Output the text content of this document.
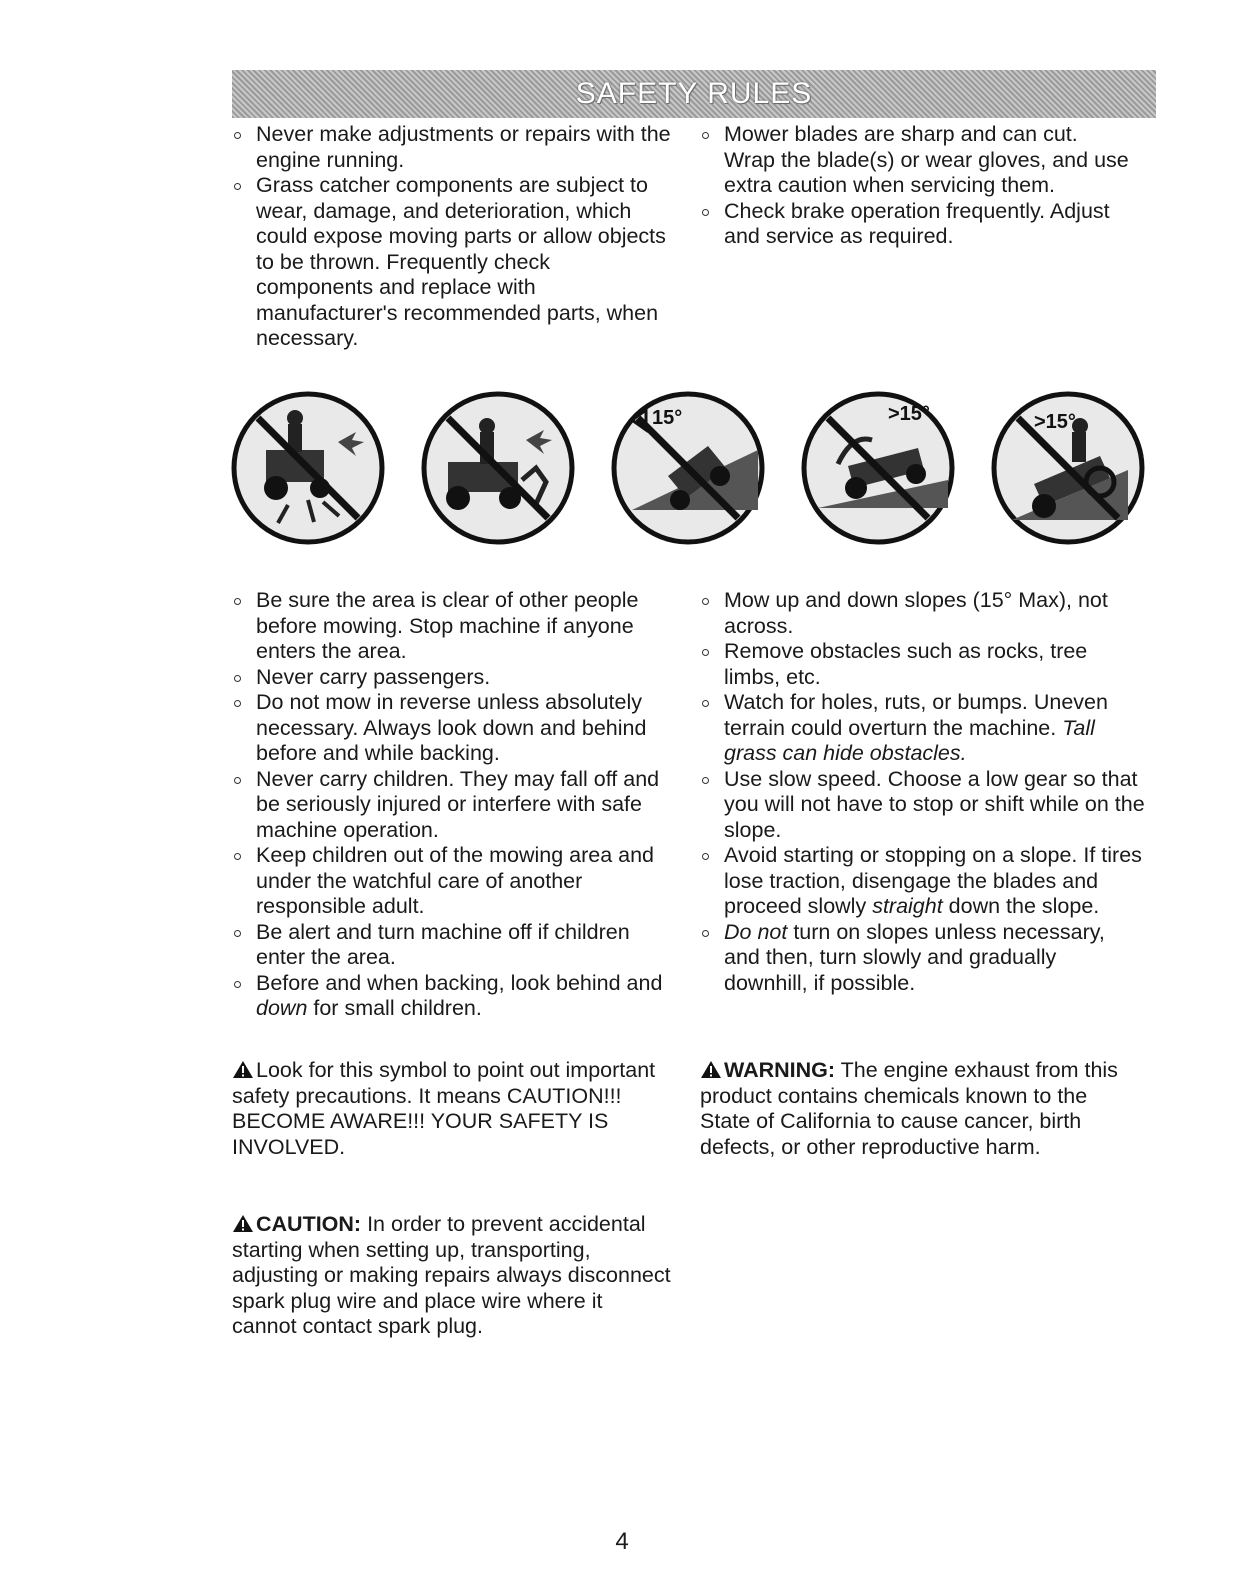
SAFETY RULES
Never make adjustments or repairs with the engine running.
Grass catcher components are subject to wear, damage, and deterioration, which could expose moving parts or allow objects to be thrown. Frequently check components and replace with manufacturer's recommended parts, when necessary.
Mower blades are sharp and can cut. Wrap the blade(s) or wear gloves, and use extra caution when servicing them.
Check brake operation frequently. Adjust and service as required.
15°	>15°	>15°
Be sure the area is clear of other people before mowing. Stop machine if anyone enters the area.
Never carry passengers.
Do not mow in reverse unless absolutely necessary. Always look down and behind before and while backing.
Never carry children. They may fall off and be seriously injured or interfere with safe machine operation.
Keep children out of the mowing area and under the watchful care of another responsible adult.
Be alert and turn machine off if children enter the area.
Before and when backing, look behind and down for small children.
Mow up and down slopes (15° Max), not across.
Remove obstacles such as rocks, tree limbs, etc.
Watch for holes, ruts, or bumps. Uneven terrain could overturn the machine. Tall grass can hide obstacles.
Use slow speed. Choose a low gear so that you will not have to stop or shift while on the slope.
Avoid starting or stopping on a slope. If tires lose traction, disengage the blades and proceed slowly straight down the slope.
Do not turn on slopes unless necessary, and then, turn slowly and gradually downhill, if possible.
Look for this symbol to point out important safety precautions. It means CAUTION!!! BECOME AWARE!!! YOUR SAFETY IS INVOLVED.
WARNING: The engine exhaust from this product contains chemicals known to the State of California to cause cancer, birth defects, or other reproductive harm.
CAUTION: In order to prevent accidental starting when setting up, transporting, adjusting or making repairs always disconnect spark plug wire and place wire where it cannot contact spark plug.
4
